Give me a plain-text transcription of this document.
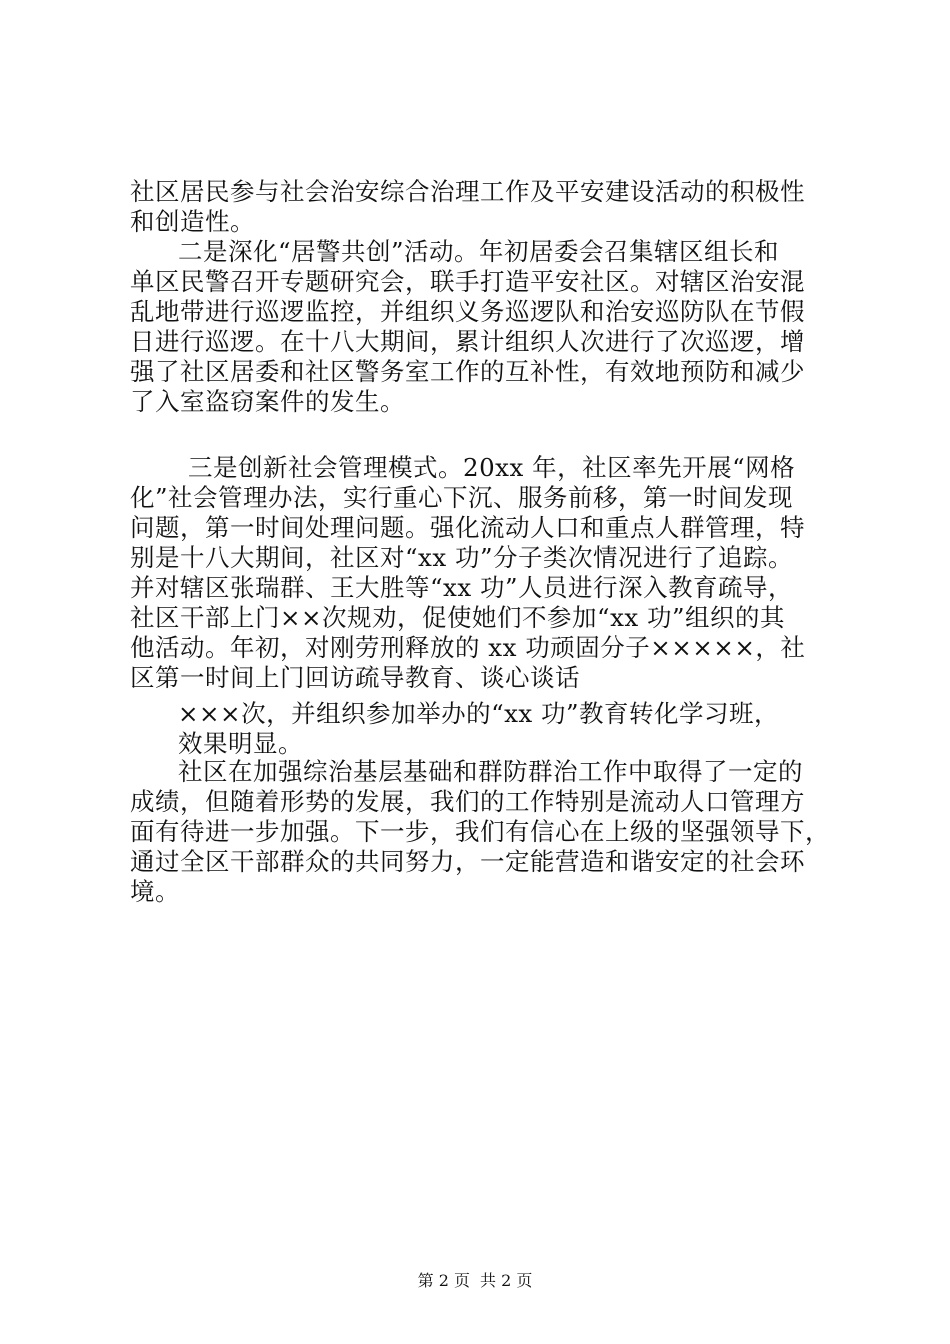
社区居民参与社会治安综合治理工作及平安建设活动的积极性
和创造性。
二是深化“居警共创”活动。年初居委会召集辖区组长和
单区民警召开专题研究会，联手打造平安社区。对辖区治安混
乱地带进行巡逻监控，并组织义务巡逻队和治安巡防队在节假
日进行巡逻。在十八大期间，累计组织人次进行了次巡逻，增
强了社区居委和社区警务室工作的互补性，有效地预防和减少
了入室盗窃案件的发生。
三是创新社会管理模式。20xx 年，社区率先开展“网格
化”社会管理办法，实行重心下沉、服务前移，第一时间发现
问题，第一时间处理问题。强化流动人口和重点人群管理，特
别是十八大期间，社区对“xx 功”分子类次情况进行了追踪。
并对辖区张瑞群、王大胜等“xx 功”人员进行深入教育疏导，
社区干部上门××次规劝，促使她们不参加“xx 功”组织的其
他活动。年初，对刚劳刑释放的 xx 功顽固分子×××××，社
区第一时间上门回访疏导教育、谈心谈话
×××次，并组织参加举办的“xx 功”教育转化学习班，
效果明显。
社区在加强综治基层基础和群防群治工作中取得了一定的
成绩，但随着形势的发展，我们的工作特别是流动人口管理方
面有待进一步加强。下一步，我们有信心在上级的坚强领导下，
通过全区干部群众的共同努力，一定能营造和谐安定的社会环
境。
第 2 页 共 2 页
